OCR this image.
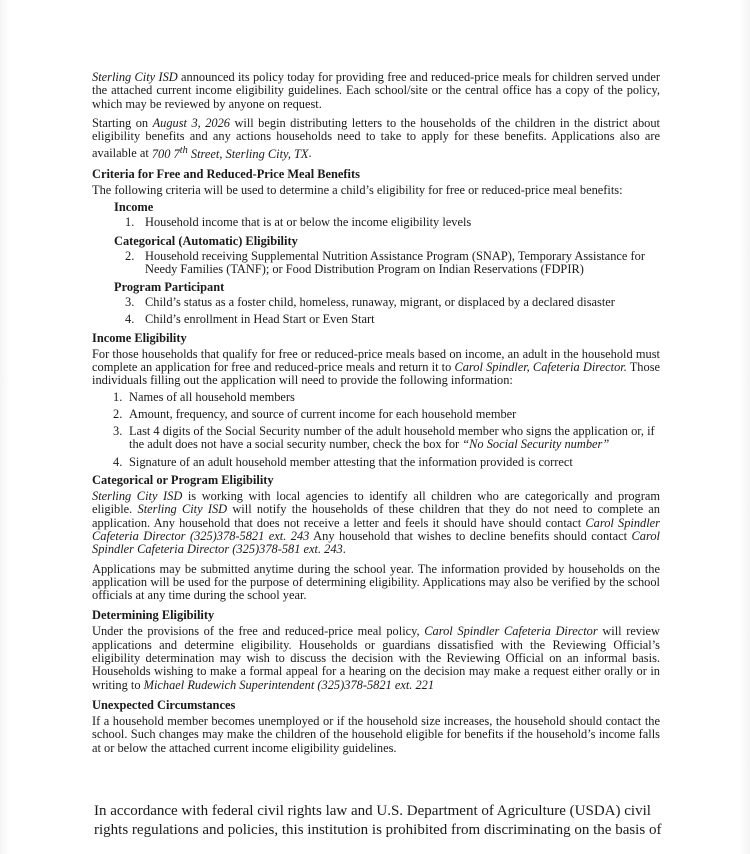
Sterling City ISD announced its policy today for providing free and reduced-price meals for children served under the attached current income eligibility guidelines. Each school/site or the central office has a copy of the policy, which may be reviewed by anyone on request.

Starting on August 3, 2026 will begin distributing letters to the households of the children in the district about eligibility benefits and any actions households need to take to apply for these benefits. Applications also are available at 700 7th Street, Sterling City, TX.

Criteria for Free and Reduced-Price Meal Benefits

The following criteria will be used to determine a child’s eligibility for free or reduced-price meal benefits:

Income
1. Household income that is at or below the income eligibility levels
Categorical (Automatic) Eligibility
2. Household receiving Supplemental Nutrition Assistance Program (SNAP), Temporary Assistance for Needy Families (TANF); or Food Distribution Program on Indian Reservations (FDPIR)
Program Participant
3. Child’s status as a foster child, homeless, runaway, migrant, or displaced by a declared disaster
4. Child’s enrollment in Head Start or Even Start
Income Eligibility

For those households that qualify for free or reduced-price meals based on income, an adult in the household must complete an application for free and reduced-price meals and return it to Carol Spindler, Cafeteria Director. Those individuals filling out the application will need to provide the following information:

1. Names of all household members
2. Amount, frequency, and source of current income for each household member
3. Last 4 digits of the Social Security number of the adult household member who signs the application or, if the adult does not have a social security number, check the box for “No Social Security number”
4. Signature of an adult household member attesting that the information provided is correct
Categorical or Program Eligibility

Sterling City ISD is working with local agencies to identify all children who are categorically and program eligible. Sterling City ISD will notify the households of these children that they do not need to complete an application. Any household that does not receive a letter and feels it should have should contact Carol Spindler Cafeteria Director (325)378-5821 ext. 243 Any household that wishes to decline benefits should contact Carol Spindler Cafeteria Director (325)378-581 ext. 243.

Applications may be submitted anytime during the school year. The information provided by households on the application will be used for the purpose of determining eligibility. Applications may also be verified by the school officials at any time during the school year.

Determining Eligibility

Under the provisions of the free and reduced-price meal policy, Carol Spindler Cafeteria Director will review applications and determine eligibility. Households or guardians dissatisfied with the Reviewing Official’s eligibility determination may wish to discuss the decision with the Reviewing Official on an informal basis. Households wishing to make a formal appeal for a hearing on the decision may make a request either orally or in writing to Michael Rudewich Superintendent (325)378-5821 ext. 221

Unexpected Circumstances

If a household member becomes unemployed or if the household size increases, the household should contact the school. Such changes may make the children of the household eligible for benefits if the household’s income falls at or below the attached current income eligibility guidelines.

In accordance with federal civil rights law and U.S. Department of Agriculture (USDA) civil rights regulations and policies, this institution is prohibited from discriminating on the basis of
